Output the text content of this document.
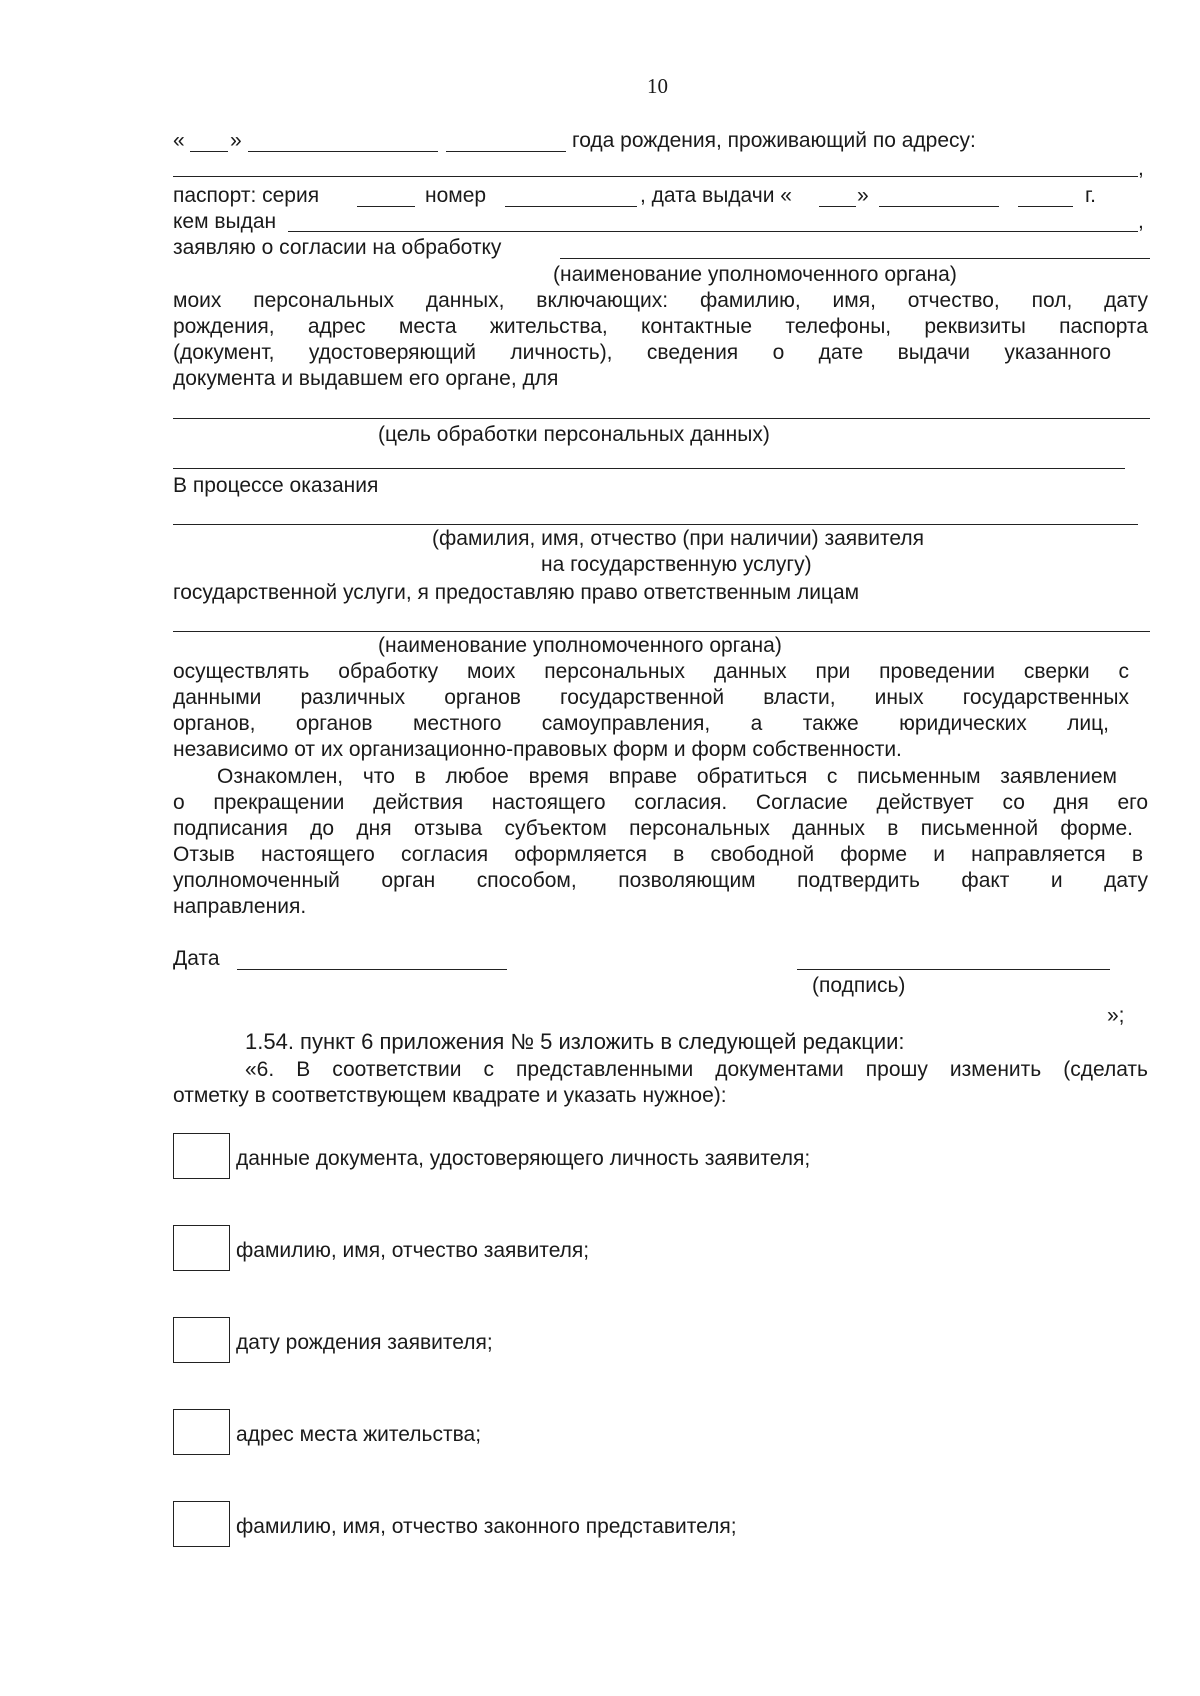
10
« »	года рождения, проживающий по адресу:
,
паспорт: серия	номер	, дата выдачи «	»	г.
кем выдан	,
заявляю о согласии на обработку
(наименование уполномоченного органа)
моих персональных данных, включающих: фамилию, имя, отчество, пол, дату
рождения, адрес места жительства, контактные телефоны, реквизиты паспорта
(документ, удостоверяющий личность), сведения о дате выдачи указанного
документа и выдавшем его органе, для
(цель обработки персональных данных)
В процессе оказания
(фамилия, имя, отчество (при наличии) заявителя
на государственную услугу)
государственной услуги, я предоставляю право ответственным лицам
(наименование уполномоченного органа)
осуществлять обработку моих персональных данных при проведении сверки с
данными различных органов государственной власти, иных государственных
органов, органов местного самоуправления, а также юридических лиц,
независимо от их организационно-правовых форм и форм собственности.
Ознакомлен, что в любое время вправе обратиться с письменным заявлением
о прекращении действия настоящего согласия. Согласие действует со дня его
подписания до дня отзыва субъектом персональных данных в письменной форме.
Отзыв настоящего согласия оформляется в свободной форме и направляется в
уполномоченный орган способом, позволяющим подтвердить факт и дату
направления.
Дата
(подпись)
»;
1.54. пункт 6 приложения № 5 изложить в следующей редакции:
«6. В соответствии с представленными документами прошу изменить (сделать
отметку в соответствующем квадрате и указать нужное):
данные документа, удостоверяющего личность заявителя;
фамилию, имя, отчество заявителя;
дату рождения заявителя;
адрес места жительства;
фамилию, имя, отчество законного представителя;
